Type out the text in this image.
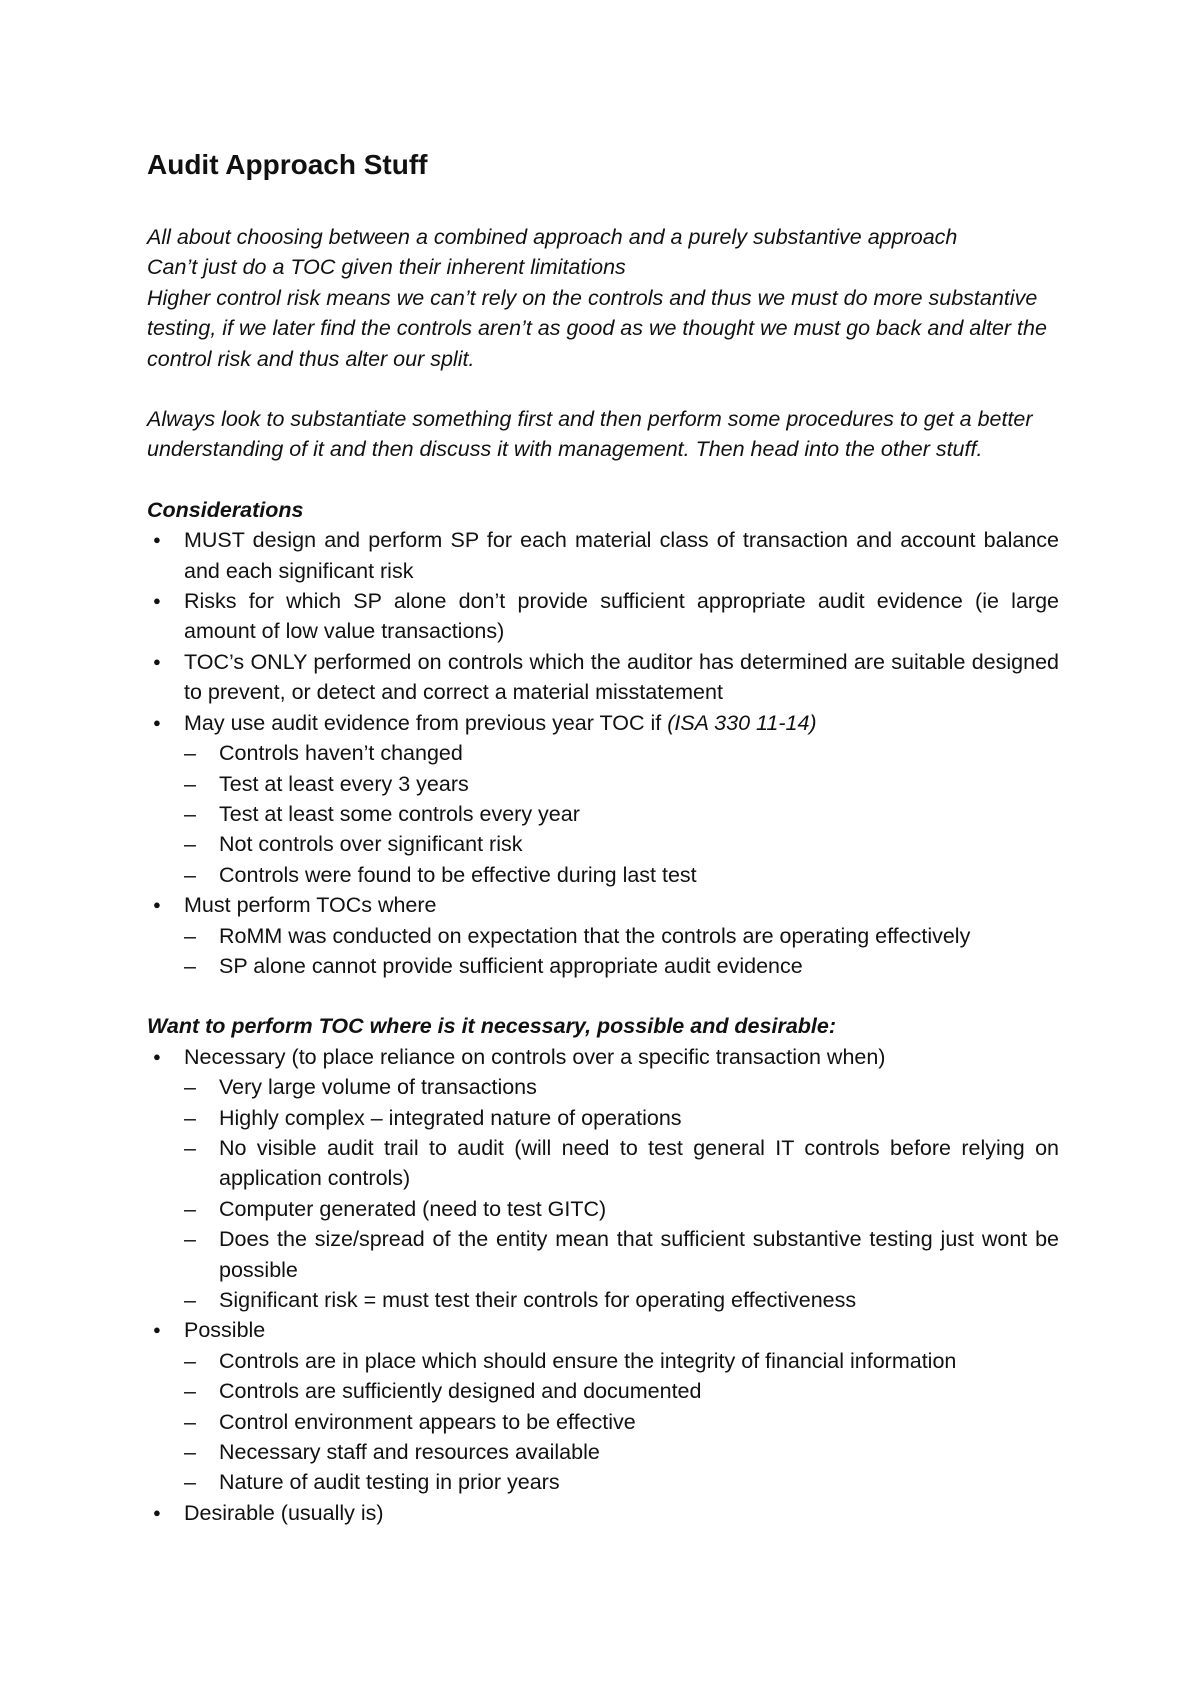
Audit Approach Stuff

All about choosing between a combined approach and a purely substantive approach

Can’t just do a TOC given their inherent limitations

Higher control risk means we can’t rely on the controls and thus we must do more substantive testing, if we later find the controls aren’t as good as we thought we must go back and alter the control risk and thus alter our split.

Always look to substantiate something first and then perform some procedures to get a better understanding of it and then discuss it with management. Then head into the other stuff.

Considerations

● MUST design and perform SP for each material class of transaction and account balance and each significant risk
● Risks for which SP alone don’t provide sufficient appropriate audit evidence (ie large amount of low value transactions)
● TOC’s ONLY performed on controls which the auditor has determined are suitable designed to prevent, or detect and correct a material misstatement
● May use audit evidence from previous year TOC if (ISA 330 11-14)
– Controls haven’t changed
– Test at least every 3 years
– Test at least some controls every year
– Not controls over significant risk
– Controls were found to be effective during last test
● Must perform TOCs where
– RoMM was conducted on expectation that the controls are operating effectively
– SP alone cannot provide sufficient appropriate audit evidence

Want to perform TOC where is it necessary, possible and desirable:

● Necessary (to place reliance on controls over a specific transaction when)
– Very large volume of transactions
– Highly complex – integrated nature of operations
– No visible audit trail to audit (will need to test general IT controls before relying on application controls)
– Computer generated (need to test GITC)
– Does the size/spread of the entity mean that sufficient substantive testing just wont be possible
– Significant risk = must test their controls for operating effectiveness
● Possible
– Controls are in place which should ensure the integrity of financial information
– Controls are sufficiently designed and documented
– Control environment appears to be effective
– Necessary staff and resources available
– Nature of audit testing in prior years
● Desirable (usually is)
